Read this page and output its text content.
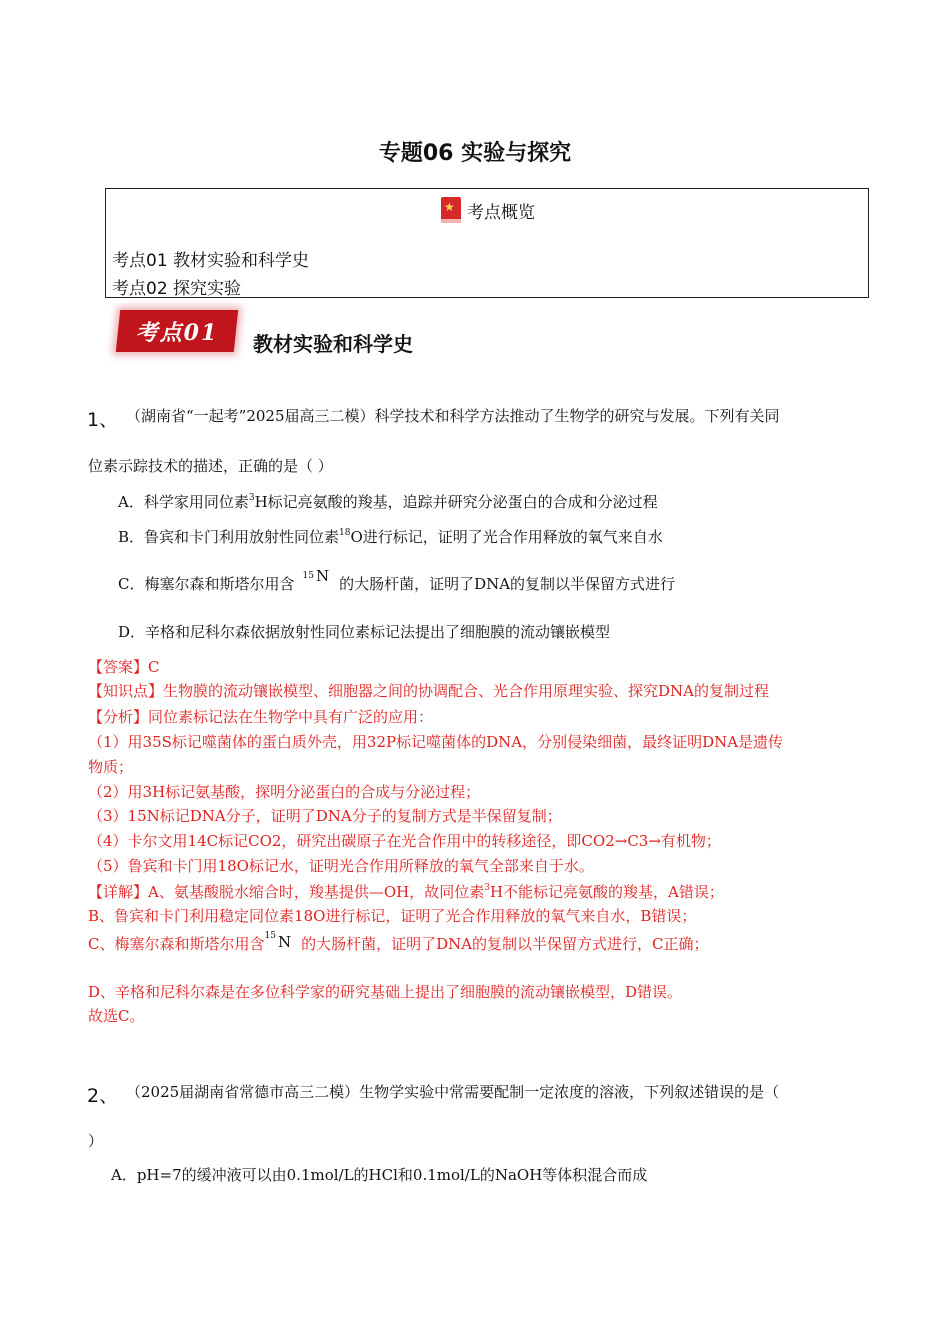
专题06 实验与探究
★ 考点概览
考点01 教材实验和科学史
考点02 探究实验
考点01	教材实验和科学史
1、 （湖南省“一起考”2025届高三二模）科学技术和科学方法推动了生物学的研究与发展。下列有关同
位素示踪技术的描述，正确的是（ ）
A．科学家用同位素$^3$H标记亮氨酸的羧基，追踪并研究分泌蛋白的合成和分泌过程
B．鲁宾和卡门利用放射性同位素$^{18}$O进行标记，证明了光合作用释放的氧气来自水
C．梅塞尔森和斯塔尔用含 $^{15}$ N 的大肠杆菌，证明了DNA的复制以半保留方式进行
D．辛格和尼科尔森依据放射性同位素标记法提出了细胞膜的流动镶嵌模型
【答案】C
【知识点】生物膜的流动镶嵌模型、细胞器之间的协调配合、光合作用原理实验、探究DNA的复制过程
【分析】同位素标记法在生物学中具有广泛的应用：
（1）用35S标记噬菌体的蛋白质外壳，用32P标记噬菌体的DNA，分别侵染细菌，最终证明DNA是遗传
物质；
（2）用3H标记氨基酸，探明分泌蛋白的合成与分泌过程；
（3）15N标记DNA分子，证明了DNA分子的复制方式是半保留复制；
（4）卡尔文用14C标记CO2，研究出碳原子在光合作用中的转移途径，即CO2→C3→有机物；
（5）鲁宾和卡门用18O标记水，证明光合作用所释放的氧气全部来自于水。
【详解】A、氨基酸脱水缩合时，羧基提供—OH，故同位素$^3$H不能标记亮氨酸的羧基，A错误；
B、鲁宾和卡门利用稳定同位素18O进行标记，证明了光合作用释放的氧气来自水，B错误；
C、梅塞尔森和斯塔尔用含$^{15}$ N 的大肠杆菌，证明了DNA的复制以半保留方式进行，C正确；
D、辛格和尼科尔森是在多位科学家的研究基础上提出了细胞膜的流动镶嵌模型，D错误。
故选C。
2、 （2025届湖南省常德市高三二模）生物学实验中常需要配制一定浓度的溶液，下列叙述错误的是（
）
A．pH=7的缓冲液可以由0.1mol/L的HCl和0.1mol/L的NaOH等体积混合而成
